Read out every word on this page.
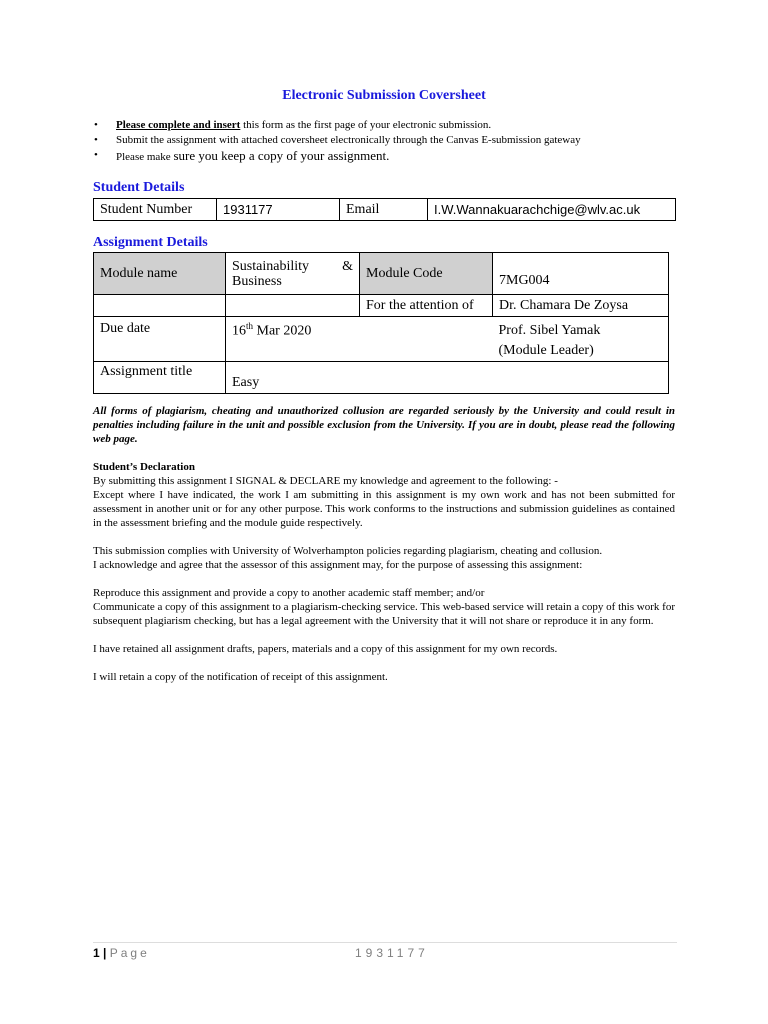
Electronic Submission Coversheet
• Please complete and insert this form as the first page of your electronic submission.
• Submit the assignment with attached coversheet electronically through the Canvas E-submission gateway
• Please make sure you keep a copy of your assignment.
Student Details
Student Number	1931177	Email	I.W.Wannakuarachchige@wlv.ac.uk
Assignment Details
Module name	Sustainability & Business	Module Code	7MG004
		For the attention of	Dr. Chamara De Zoysa
Due date	16th Mar 2020		Prof. Sibel Yamak
(Module Leader)

Assignment title	Easy		
All forms of plagiarism, cheating and unauthorized collusion are regarded seriously by the University and could result in penalties including failure in the unit and possible exclusion from the University. If you are in doubt, please read the following web page.

Student’s Declaration

By submitting this assignment I SIGNAL & DECLARE my knowledge and agreement to the following: -

Except where I have indicated, the work I am submitting in this assignment is my own work and has not been submitted for assessment in another unit or for any other purpose. This work conforms to the instructions and submission guidelines as contained in the assessment briefing and the module guide respectively.

This submission complies with University of Wolverhampton policies regarding plagiarism, cheating and collusion.

I acknowledge and agree that the assessor of this assignment may, for the purpose of assessing this assignment:

Reproduce this assignment and provide a copy to another academic staff member; and/or

Communicate a copy of this assignment to a plagiarism-checking service. This web-based service will retain a copy of this work for subsequent plagiarism checking, but has a legal agreement with the University that it will not share or reproduce it in any form.

I have retained all assignment drafts, papers, materials and a copy of this assignment for my own records.

I will retain a copy of the notification of receipt of this assignment.

1 | Page	1931177
